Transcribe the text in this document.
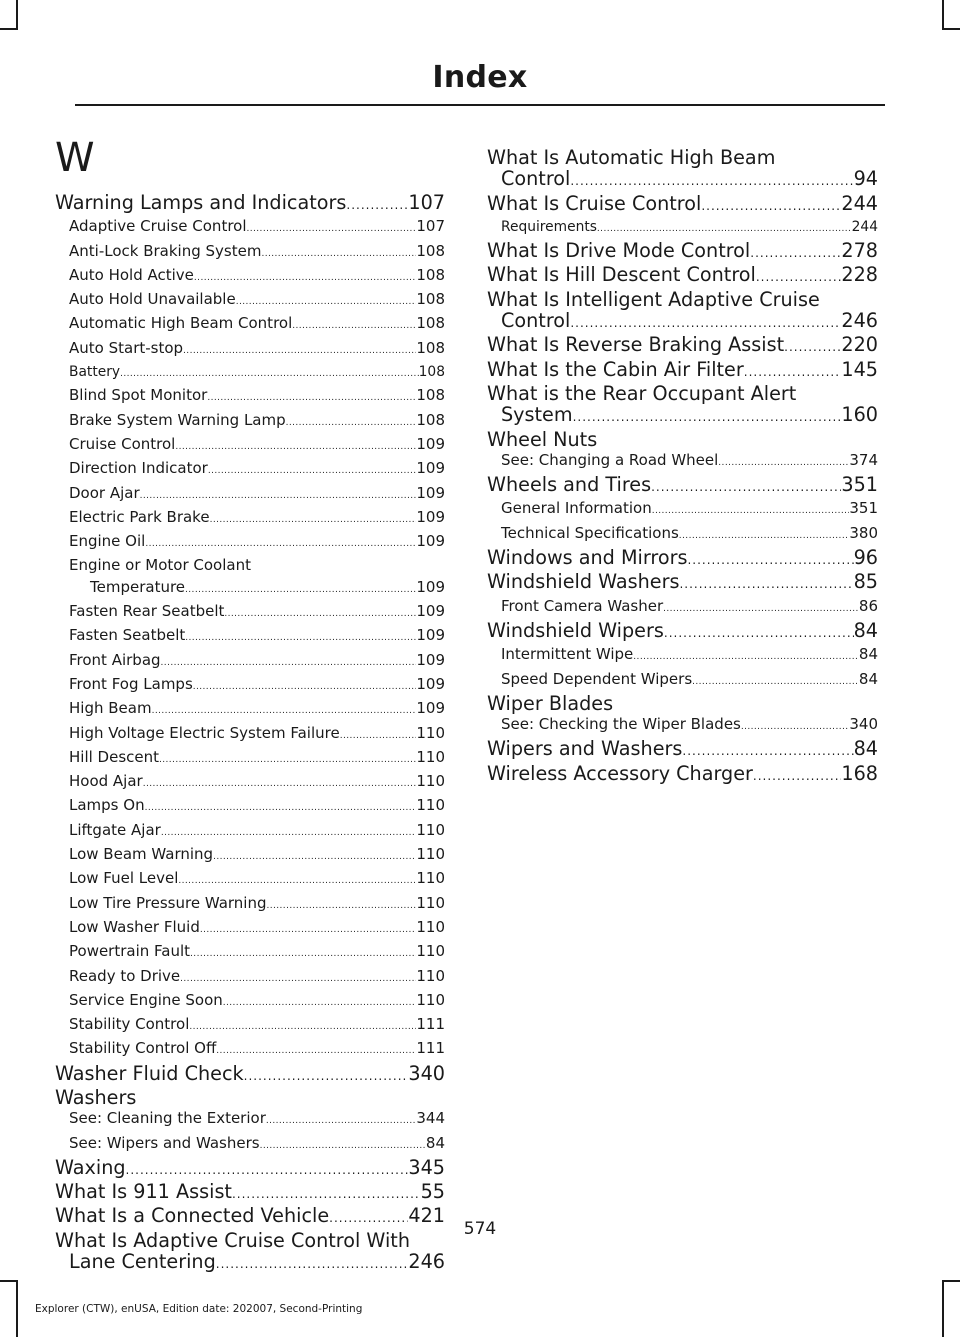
Index
W
Warning Lamps and Indicators .....	107
Adaptive Cruise Control .....	107
Anti-Lock Braking System .....	108
Auto Hold Active .....	108
Auto Hold Unavailable .....	108
Automatic High Beam Control .....	108
Auto Start-stop .....	108
Battery .....	108
Blind Spot Monitor .....	108
Brake System Warning Lamp .....	108
Cruise Control .....	109
Direction Indicator .....	109
Door Ajar .....	109
Electric Park Brake .....	109
Engine Oil .....	109
Engine or Motor Coolant
Temperature .....	109
Fasten Rear Seatbelt .....	109
Fasten Seatbelt .....	109
Front Airbag .....	109
Front Fog Lamps .....	109
High Beam .....	109
High Voltage Electric System Failure .....	110
Hill Descent .....	110
Hood Ajar .....	110
Lamps On .....	110
Liftgate Ajar .....	110
Low Beam Warning .....	110
Low Fuel Level .....	110
Low Tire Pressure Warning .....	110
Low Washer Fluid .....	110
Powertrain Fault .....	110
Ready to Drive .....	110
Service Engine Soon .....	110
Stability Control .....	111
Stability Control Off .....	111
Washer Fluid Check .....	340
Washers
See: Cleaning the Exterior .....	344
See: Wipers and Washers .....	84
Waxing .....	345
What Is 911 Assist .....	55
What Is a Connected Vehicle .....	421
What Is Adaptive Cruise Control With
Lane Centering .....	246
What Is Automatic High Beam
Control .....	94
What Is Cruise Control .....	244
Requirements .....	244
What Is Drive Mode Control .....	278
What Is Hill Descent Control .....	228
What Is Intelligent Adaptive Cruise
Control .....	246
What Is Reverse Braking Assist .....	220
What Is the Cabin Air Filter .....	145
What is the Rear Occupant Alert
System .....	160
Wheel Nuts
See: Changing a Road Wheel .....	374
Wheels and Tires .....	351
General Information .....	351
Technical Specifications .....	380
Windows and Mirrors .....	96
Windshield Washers .....	85
Front Camera Washer .....	86
Windshield Wipers .....	84
Intermittent Wipe .....	84
Speed Dependent Wipers .....	84
Wiper Blades
See: Checking the Wiper Blades .....	340
Wipers and Washers .....	84
Wireless Accessory Charger .....	168
574
Explorer (CTW), enUSA, Edition date: 202007, Second-Printing
